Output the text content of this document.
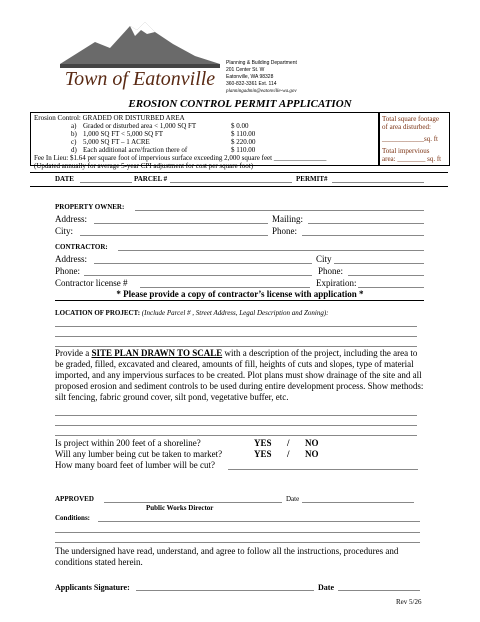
Town of Eatonville
Planning & Building Department
201 Center St. W
Eatonville, WA 98328
360-832-3361 Ext. 114
planningadmin@eatonville-wa.gov
EROSION CONTROL PERMIT APPLICATION
Erosion Control: GRADED OR DISTURBED AREA
a) Graded or disturbed area < 1,000 SQ FT	$ 0.00
b) 1,000 SQ FT < 5,000 SQ FT	$ 110.00
c) 5,000 SQ FT – 1 ACRE	$ 220.00
d) Each additional acre/fraction there of	$ 110.00
Fee In Lieu: $1.64 per square foot of impervious surface exceeding 2,000 square feet _______________
(Updated annually for average 5-year CPI adjustment for cost per square foot)
Total square footage of area disturbed:
____________sq. ft
Total impervious
area: ________ sq. ft
DATE	PARCEL #	PERMIT#
PROPERTY OWNER:
Address:	Mailing:
City:	Phone:
CONTRACTOR:
Address:	City
Phone:	Phone:
Contractor license #	Expiration:
* Please provide a copy of contractor’s license with application *
LOCATION OF PROJECT: (Include Parcel # , Street Address, Legal Description and Zoning):
Provide a SITE PLAN DRAWN TO SCALE with a description of the project, including the area to be graded, filled, excavated and cleared, amounts of fill, heights of cuts and slopes, type of material imported, and any impervious surfaces to be created. Plot plans must show drainage of the site and all proposed erosion and sediment controls to be used during entire development process. Show methods: silt fencing, fabric ground cover, silt pond, vegetative buffer, etc.
Is project within 200 feet of a shoreline?	YES / NO
Will any lumber being cut be taken to market?	YES / NO
How many board feet of lumber will be cut?
APPROVED	Date
Public Works Director
Conditions:
The undersigned have read, understand, and agree to follow all the instructions, procedures and conditions stated herein.
Applicants Signature:	Date
Rev 5/26
